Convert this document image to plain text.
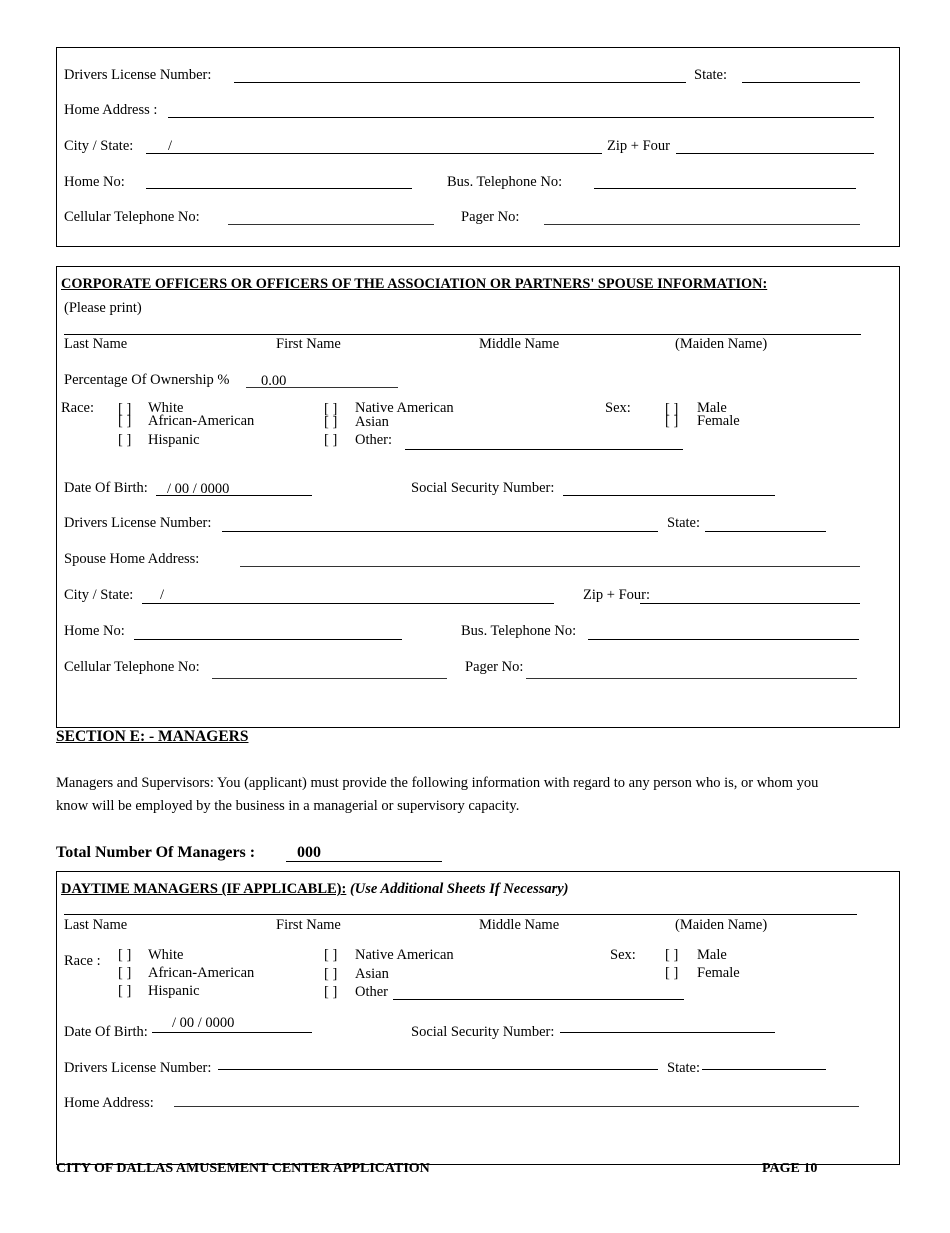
Drivers License Number:	State:
Home Address :
City / State: /	Zip + Four
Home No:	Bus. Telephone No:
Cellular Telephone No:	Pager No:
CORPORATE OFFICERS OR OFFICERS OF THE ASSOCIATION OR PARTNERS' SPOUSE INFORMATION:
(Please print)
Last Name	First Name	Middle Name	(Maiden Name)
Percentage Of Ownership % 0.00
Race: [ ] White
[ ] African-American
[ ] Hispanic
[ ] Native American
[ ] Asian
[ ] Other:
Sex: [ ] Male
[ ] Female
Date Of Birth: / 00 / 0000	Social Security Number:
Drivers License Number:	State:
Spouse Home Address:
City / State: /	Zip + Four:
Home No:	Bus. Telephone No:
Cellular Telephone No:	Pager No:
SECTION E: - MANAGERS
Managers and Supervisors: You (applicant) must provide the following information with regard to any person who is, or whom you
know will be employed by the business in a managerial or supervisory capacity.
Total Number Of Managers :	000
DAYTIME MANAGERS (IF APPLICABLE): (Use Additional Sheets If Necessary)
Last Name	First Name	Middle Name	(Maiden Name)
Race : [ ] White
[ ] African-American
[ ] Hispanic
[ ] Native American
[ ] Asian
[ ] Other
Sex: [ ] Male
[ ] Female
Date Of Birth:
/ 00 / 0000
Social Security Number:
Drivers License Number:	State:
Home Address:
CITY OF DALLAS AMUSEMENT CENTER APPLICATION	PAGE 10
